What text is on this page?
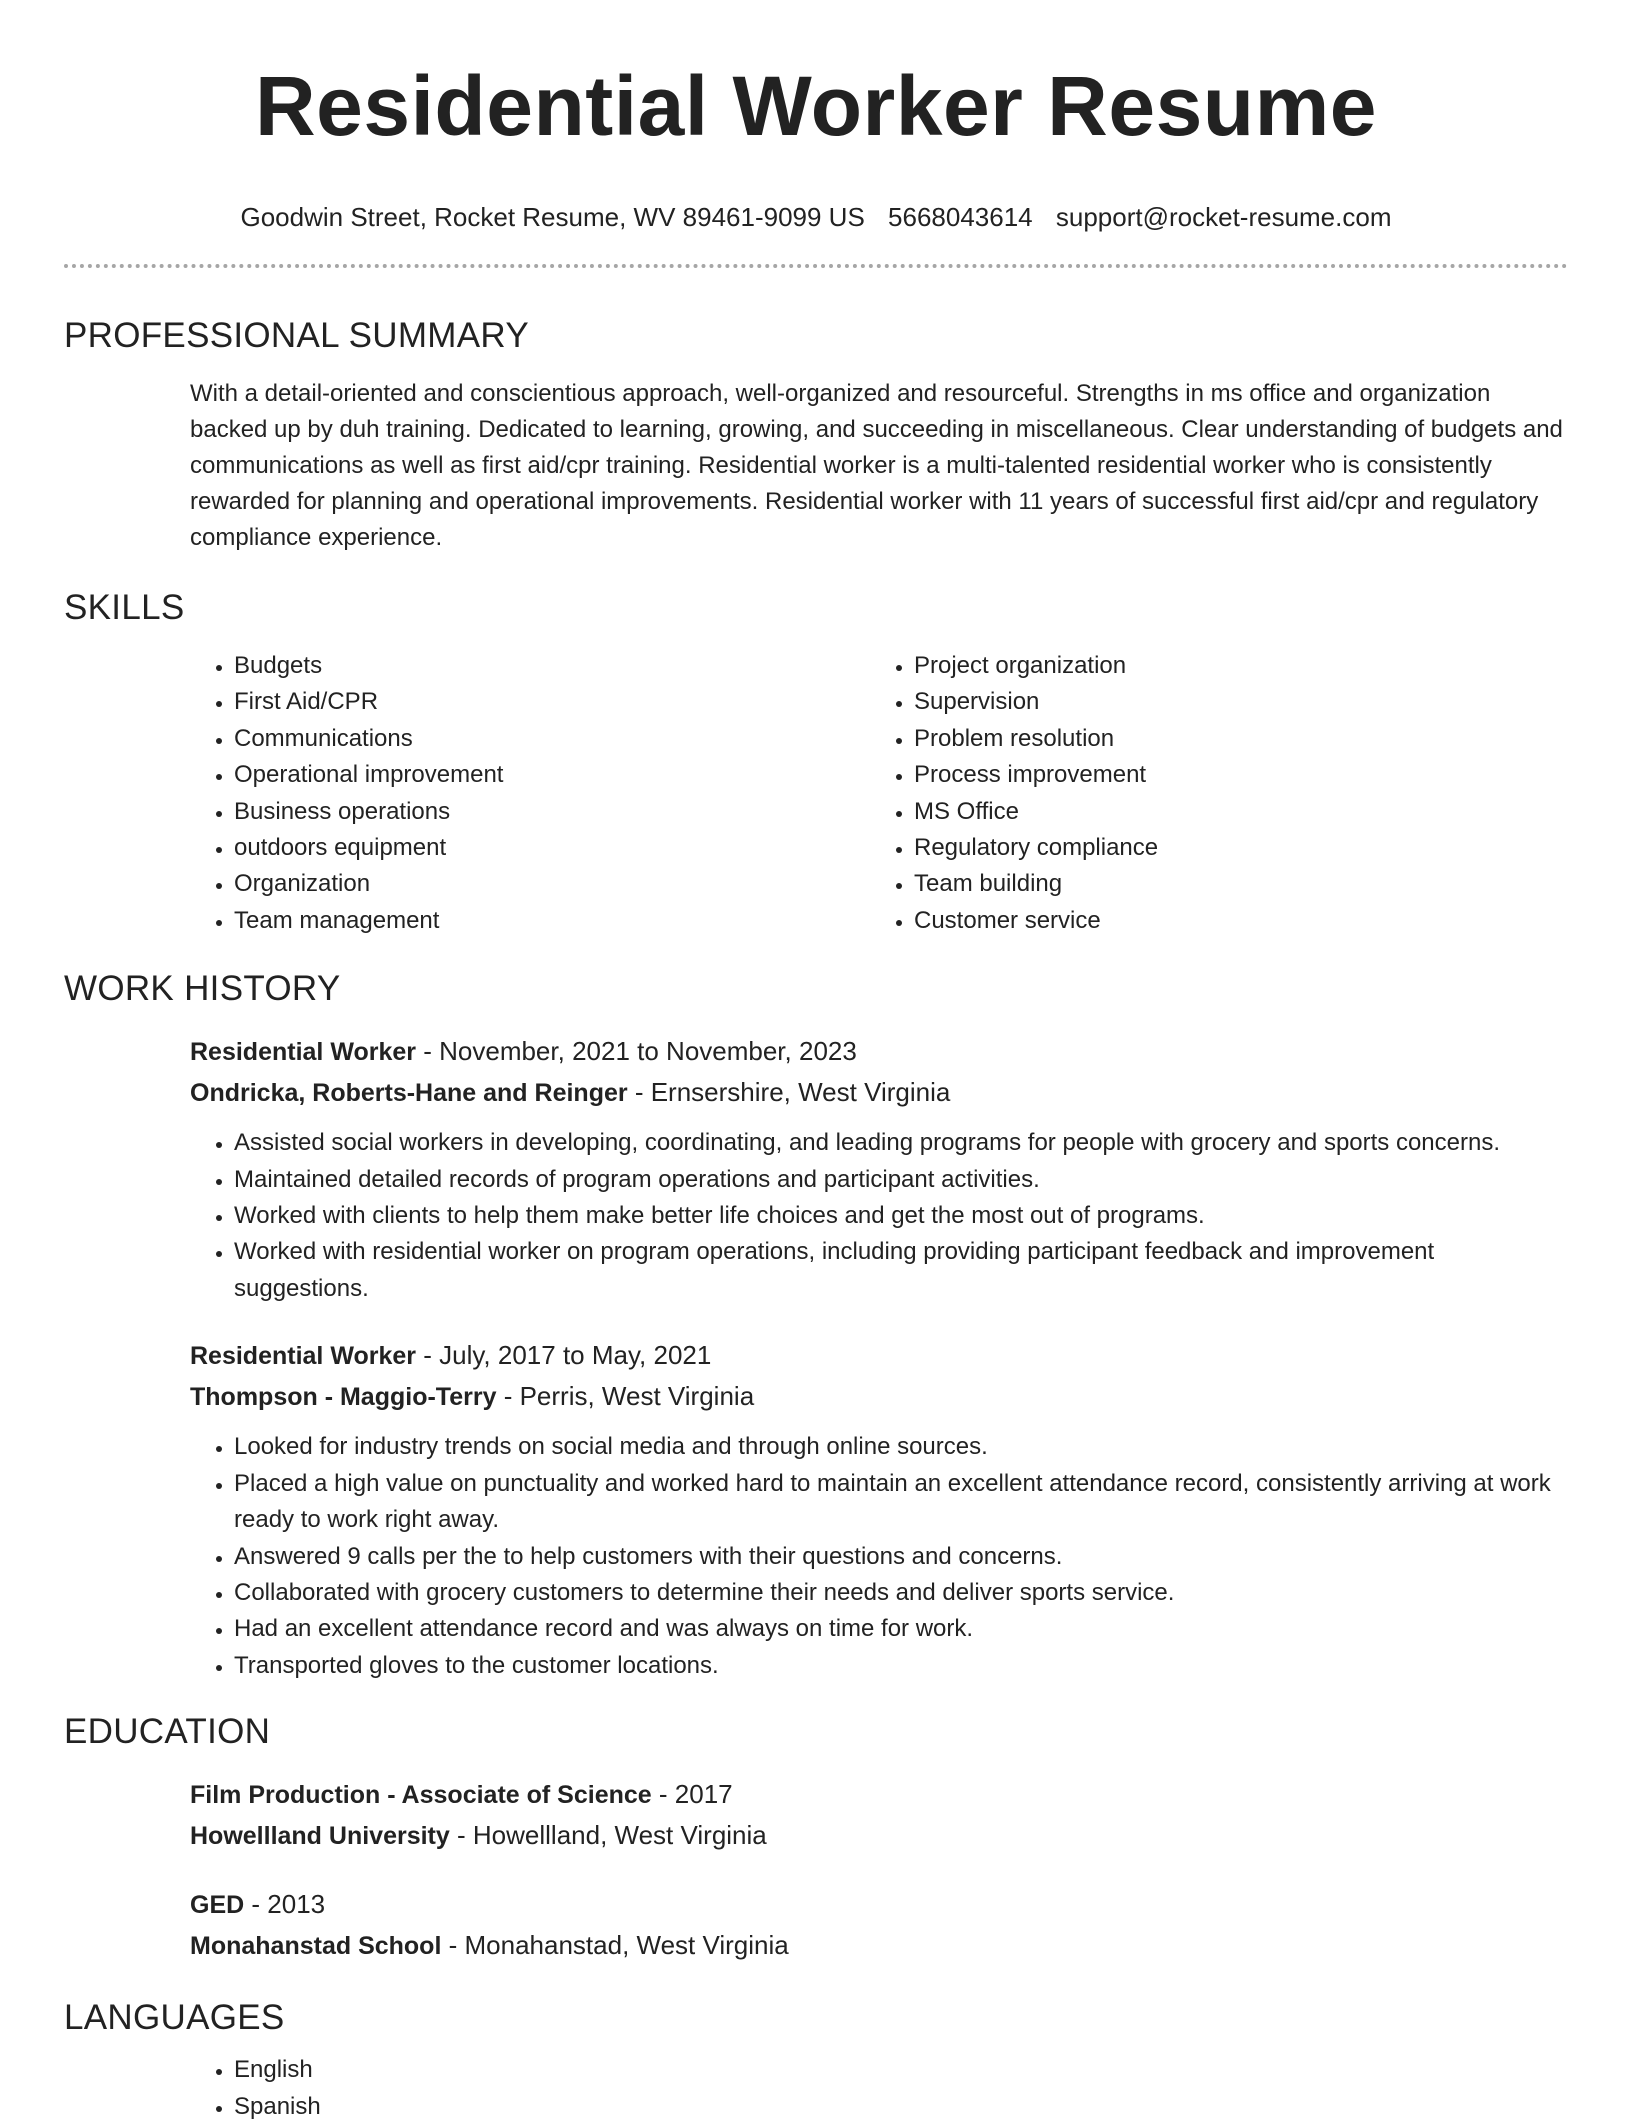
Residential Worker Resume
Goodwin Street, Rocket Resume, WV 89461-9099 US 5668043614 support@rocket-resume.com
PROFESSIONAL SUMMARY

With a detail-oriented and conscientious approach, well-organized and resourceful. Strengths in ms office and organization backed up by duh training. Dedicated to learning, growing, and succeeding in miscellaneous. Clear understanding of budgets and communications as well as first aid/cpr training. Residential worker is a multi-talented residential worker who is consistently rewarded for planning and operational improvements. Residential worker with 11 years of successful first aid/cpr and regulatory compliance experience.

SKILLS
• Budgets
• First Aid/CPR
• Communications
• Operational improvement
• Business operations
• outdoors equipment
• Organization
• Team management
• Project organization
• Supervision
• Problem resolution
• Process improvement
• MS Office
• Regulatory compliance
• Team building
• Customer service
WORK HISTORY

Residential Worker - November, 2021 to November, 2023

Ondricka, Roberts-Hane and Reinger - Ernsershire, West Virginia

• Assisted social workers in developing, coordinating, and leading programs for people with grocery and sports concerns.
• Maintained detailed records of program operations and participant activities.
• Worked with clients to help them make better life choices and get the most out of programs.
• Worked with residential worker on program operations, including providing participant feedback and improvement suggestions.

Residential Worker - July, 2017 to May, 2021

Thompson - Maggio-Terry - Perris, West Virginia

• Looked for industry trends on social media and through online sources.
• Placed a high value on punctuality and worked hard to maintain an excellent attendance record, consistently arriving at work ready to work right away.
• Answered 9 calls per the to help customers with their questions and concerns.
• Collaborated with grocery customers to determine their needs and deliver sports service.
• Had an excellent attendance record and was always on time for work.
• Transported gloves to the customer locations.
EDUCATION

Film Production - Associate of Science - 2017

Howellland University - Howellland, West Virginia

GED - 2013

Monahanstad School - Monahanstad, West Virginia

LANGUAGES
• English
• Spanish
